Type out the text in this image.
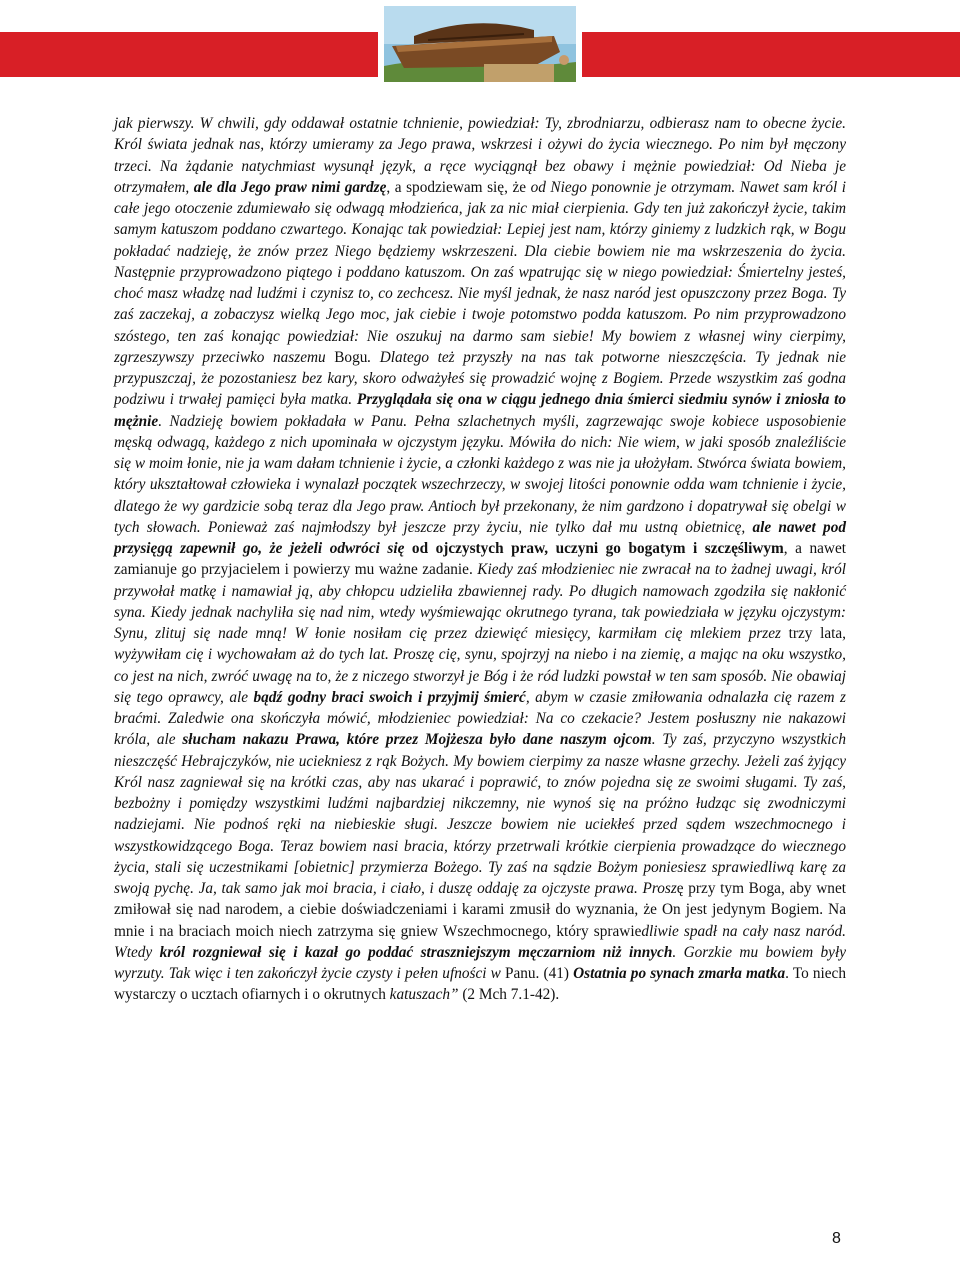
jak pierwszy. W chwili, gdy oddawał ostatnie tchnienie, powiedział: Ty, zbrodniarzu, odbierasz nam to obecne życie. Król świata jednak nas, którzy umieramy za Jego prawa, wskrzesi i ożywi do życia wiecznego. Po nim był męczony trzeci. Na żądanie natychmiast wysunął język, a ręce wyciągnął bez obawy i mężnie powiedział: Od Nieba je otrzymałem, ale dla Jego praw nimi gardzę, a spodziewam się, że od Niego ponownie je otrzymam. Nawet sam król i całe jego otoczenie zdumiewało się odwagą młodzieńca, jak za nic miał cierpienia. Gdy ten już zakończył życie, takim samym katuszom poddano czwartego. Konając tak powiedział: Lepiej jest nam, którzy giniemy z ludzkich rąk, w Bogu pokładać nadzieję, że znów przez Niego będziemy wskrzeszeni. Dla ciebie bowiem nie ma wskrzeszenia do życia. Następnie przyprowadzono piątego i poddano katuszom. On zaś wpatrując się w niego powiedział: Śmiertelny jesteś, choć masz władzę nad ludźmi i czynisz to, co zechcesz. Nie myśl jednak, że nasz naród jest opuszczony przez Boga. Ty zaś zaczekaj, a zobaczysz wielką Jego moc, jak ciebie i twoje potomstwo podda katuszom. Po nim przyprowadzono szóstego, ten zaś konając powiedział: Nie oszukuj na darmo sam siebie! My bowiem z własnej winy cierpimy, zgrzeszywszy przeciwko naszemu Bogu. Dlatego też przyszły na nas tak potworne nieszczęścia. Ty jednak nie przypuszczaj, że pozostaniesz bez kary, skoro odważyłeś się prowadzić wojnę z Bogiem. Przede wszystkim zaś godna podziwu i trwałej pamięci była matka. Przyglądała się ona w ciągu jednego dnia śmierci siedmiu synów i zniosła to mężnie. Nadzieję bowiem pokładała w Panu. Pełna szlachetnych myśli, zagrzewając swoje kobiece usposobienie męską odwagą, każdego z nich upominała w ojczystym języku. Mówiła do nich: Nie wiem, w jaki sposób znaleźliście się w moim łonie, nie ja wam dałam tchnienie i życie, a członki każdego z was nie ja ułożyłam. Stwórca świata bowiem, który ukształtował człowieka i wynalazł początek wszechrzeczy, w swojej litości ponownie odda wam tchnienie i życie, dlatego że wy gardzicie sobą teraz dla Jego praw. Antioch był przekonany, że nim gardzono i dopatrywał się obelgi w tych słowach. Ponieważ zaś najmłodszy był jeszcze przy życiu, nie tylko dał mu ustną obietnicę, ale nawet pod przysięgą zapewnił go, że jeżeli odwróci się od ojczystych praw, uczyni go bogatym i szczęśliwym, a nawet zamianuje go przyjacielem i powierzy mu ważne zadanie. Kiedy zaś młodzieniec nie zwracał na to żadnej uwagi, król przywołał matkę i namawiał ją, aby chłopcu udzieliła zbawiennej rady. Po długich namowach zgodziła się nakłonić syna. Kiedy jednak nachyliła się nad nim, wtedy wyśmiewając okrutnego tyrana, tak powiedziała w języku ojczystym: Synu, zlituj się nade mną! W łonie nosiłam cię przez dziewięć miesięcy, karmiłam cię mlekiem przez trzy lata, wyżywiłam cię i wychowałam aż do tych lat. Proszę cię, synu, spojrzyj na niebo i na ziemię, a mając na oku wszystko, co jest na nich, zwróć uwagę na to, że z niczego stworzył je Bóg i że ród ludzki powstał w ten sam sposób. Nie obawiaj się tego oprawcy, ale bądź godny braci swoich i przyjmij śmierć, abym w czasie zmiłowania odnalazła cię razem z braćmi. Zaledwie ona skończyła mówić, młodzieniec powiedział: Na co czekacie? Jestem posłuszny nie nakazowi króla, ale słucham nakazu Prawa, które przez Mojżesza było dane naszym ojcom. Ty zaś, przyczyno wszystkich nieszczęść Hebrajczyków, nie uciekniesz z rąk Bożych. My bowiem cierpimy za nasze własne grzechy. Jeżeli zaś żyjący Król nasz zagniewał się na krótki czas, aby nas ukarać i poprawić, to znów pojedna się ze swoimi sługami. Ty zaś, bezbożny i pomiędzy wszystkimi ludźmi najbardziej nikczemny, nie wynoś się na próżno łudząc się zwodniczymi nadziejami. Nie podnoś ręki na niebieskie sługi. Jeszcze bowiem nie uciekłeś przed sądem wszechmocnego i wszystkowidzącego Boga. Teraz bowiem nasi bracia, którzy przetrwali krótkie cierpienia prowadzące do wiecznego życia, stali się uczestnikami [obietnic] przymierza Bożego. Ty zaś na sądzie Bożym poniesiesz sprawiedliwą karę za swoją pychę. Ja, tak samo jak moi bracia, i ciało, i duszę oddaję za ojczyste prawa. Proszę przy tym Boga, aby wnet zmiłował się nad narodem, a ciebie doświadczeniami i karami zmusił do wyznania, że On jest jedynym Bogiem. Na mnie i na braciach moich niech zatrzyma się gniew Wszechmocnego, który sprawiedliwie spadł na cały nasz naród. Wtedy król rozgniewał się i kazał go poddać straszniejszym męczarniom niż innych. Gorzkie mu bowiem były wyrzuty. Tak więc i ten zakończył życie czysty i pełen ufności w Panu. (41) Ostatnia po synach zmarła matka. To niech wystarczy o ucztach ofiarnych i o okrutnych katuszach” (2 Mch 7.1-42).

8
